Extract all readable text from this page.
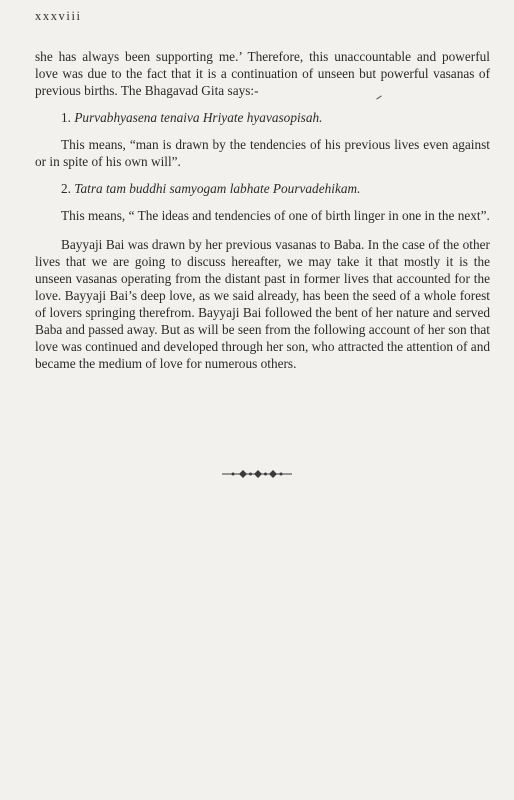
xxxviii

she has always been supporting me.’ Therefore, this unaccountable and powerful love was due to the fact that it is a continuation of unseen but powerful vasanas of previous births. The Bhagavad Gita says:-

1. Purvabhyasena tenaiva Hriyate hyavasopisah.

This means, “man is drawn by the tendencies of his previous lives even against or in spite of his own will”.

2. Tatra tam buddhi samyogam labhate Pourvadehikam.

This means, “ The ideas and tendencies of one of birth linger in one in the next”.

Bayyaji Bai was drawn by her previous vasanas to Baba. In the case of the other lives that we are going to discuss hereafter, we may take it that mostly it is the unseen vasanas operating from the distant past in former lives that accounted for the love. Bayyaji Bai’s deep love, as we said already, has been the seed of a whole forest of lovers springing therefrom. Bayyaji Bai followed the bent of her nature and served Baba and passed away. But as will be seen from the following account of her son that love was continued and developed through her son, who attracted the attention of and became the medium of love for numerous others.
